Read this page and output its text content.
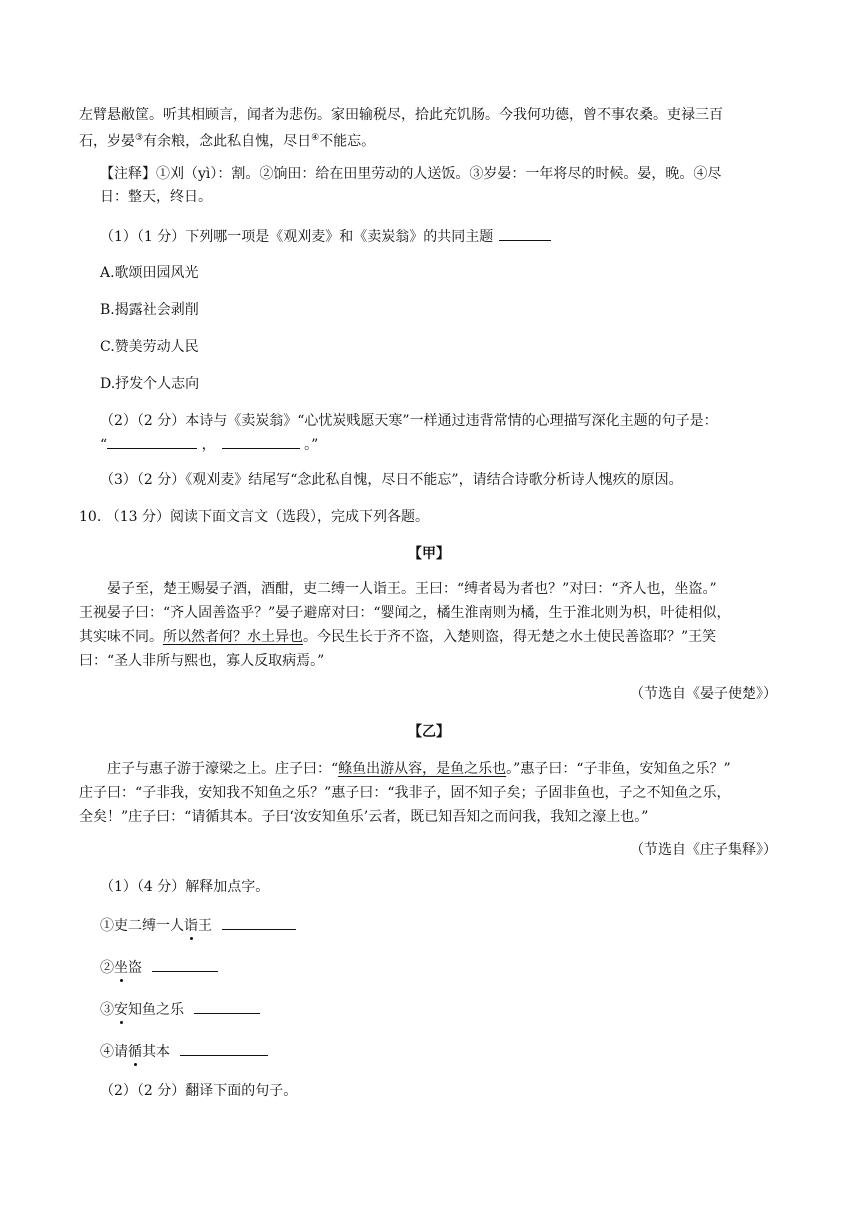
左臂悬敝筐。听其相顾言，闻者为悲伤。家田输税尽，拾此充饥肠。今我何功德，曾不事农桑。吏禄三百
石，岁晏③有余粮，念此私自愧，尽日④不能忘。
【注释】①刈（yì）：割。②饷田：给在田里劳动的人送饭。③岁晏：一年将尽的时候。晏，晚。④尽
日：整天，终日。
（1）（1 分）下列哪一项是《观刈麦》和《卖炭翁》的共同主题
A.歌颂田园风光
B.揭露社会剥削
C.赞美劳动人民
D.抒发个人志向
（2）（2 分）本诗与《卖炭翁》“心忧炭贱愿天寒”一样通过违背常情的心理描写深化主题的句子是：
“	，	。”
（3）（2 分）《观刈麦》结尾写“念此私自愧，尽日不能忘”，请结合诗歌分析诗人愧疚的原因。
10. （13 分）阅读下面文言文（选段），完成下列各题。
【甲】
晏子至，楚王赐晏子酒，酒酣，吏二缚一人诣王。王曰：“缚者曷为者也？”对曰：“齐人也，坐盗。”
王视晏子曰：“齐人固善盗乎？”晏子避席对曰：“婴闻之，橘生淮南则为橘，生于淮北则为枳，叶徒相似，
其实味不同。所以然者何？水土异也。今民生长于齐不盗，入楚则盗，得无楚之水土使民善盗耶？”王笑
曰：“圣人非所与熙也，寡人反取病焉。”
（节选自《晏子使楚》）
【乙】
庄子与惠子游于濠梁之上。庄子曰：“鲦鱼出游从容，是鱼之乐也。”惠子曰：“子非鱼，安知鱼之乐？”
庄子曰：“子非我，安知我不知鱼之乐？”惠子曰：“我非子，固不知子矣；子固非鱼也，子之不知鱼之乐，
全矣！”庄子曰：“请循其本。子曰‘汝安知鱼乐’云者，既已知吾知之而问我，我知之濠上也。”
（节选自《庄子集释》）
（1）（4 分）解释加点字。
①吏二缚一人诣王
②坐盗
③安知鱼之乐
④请循其本
（2）（2 分）翻译下面的句子。
